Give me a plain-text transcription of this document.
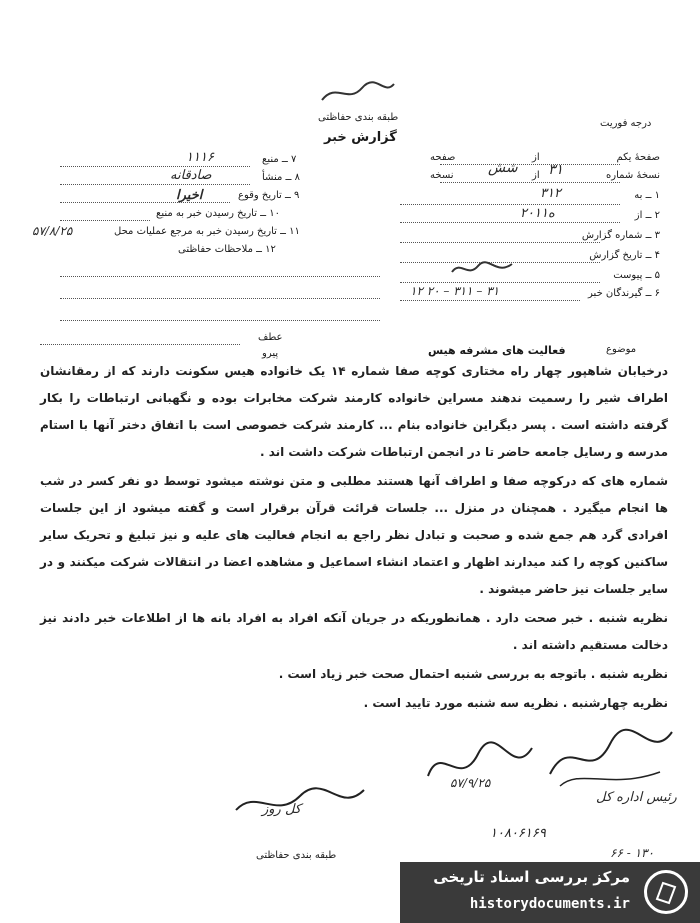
طبقه بندی حفاظتی
گزارش خبر
درجه فوریت
صفحهٔ یکم
از
صفحه
نسخهٔ شماره
از
نسخه	۳۱
شش
۱ ــ به
۳۱۲
۲ ــ از
۲۰۱۱ه
۳ ــ شماره گزارش
۴ ــ تاریخ گزارش
۵ ــ پیوست
۶ ــ گیرندگان خبر
۱۲ ۲۰ – ۳۱۱ – ۳۱
۷ ــ منبع
۱۱۱۶
۸ ــ منشأ
صادقانه
۹ ــ تاریخ وقوع
اخیرا
۱۰ ــ تاریخ رسیدن خبر به منبع
۱۱ ــ تاریخ رسیدن خبر به مرجع عملیات محل
۵۷/۸/۲۵
۱۲ ــ ملاحظات حفاظتی
موضوع
فعالیت های مشرفه هیس
عطف
پیرو

درخیابان شاهپور چهار راه مختاری کوچه صفا شماره ۱۴ یک خانواده هیس سکونت دارند که از رمقانشان اطراف شیر را رسمیت ندهند مسراین خانواده کارمند شرکت مخابرات بوده و نگهبانی ارتباطات را بکار گرفته داشته است . پسر دیگراین خانواده بنام ... کارمند شرکت خصوصی است با اتفاق دختر آنها با استام مدرسه و رسایل جامعه حاضر تا در انجمن ارتباطات شرکت داشت اند .

شماره های که درکوچه صفا و اطراف آنها هستند مطلبی و متن نوشته میشود توسط دو نفر کسر در شب ها انجام میگیرد . همچنان در منزل ... جلسات قرائت قرآن برقرار است و گفته میشود از این جلسات افرادی گرد هم جمع شده و صحبت و تبادل نظر راجع به انجام فعالیت های علیه و نیز تبلیغ و تحریک سایر ساکنین کوچه را کند میدارند اظهار و اعتماد انشاء اسماعیل و مشاهده اعضا در انتقالات شرکت میکنند و در سایر جلسات نیز حاضر میشوند .

نظریه شنبه . خبر صحت دارد . همانطوریکه در جریان آنکه افراد به افراد بانه ها از اطلاعات خبر دادند نیز دخالت مستقیم داشته اند .

نظریه شنبه . باتوجه به بررسی شنبه احتمال صحت خبر زیاد است .

نظریه چهارشنبه . نظریه سه شنبه مورد تایید است .

رئیس اداره کل
۵۷/۹/۲۵
کل روز
۱۰۸۰۶۱۶۹
۶۶ - ۱۳۰
طبقه بندی حفاظتی
مرکز بررسی اسناد تاریخی
historydocuments.ir
